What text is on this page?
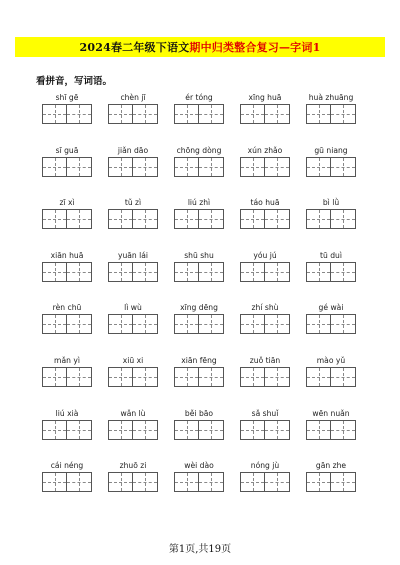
2024春二年级下语文 期中归类整合复习—字词1
看拼音，写词语。
shī gē	chèn jī	ér tóng	xīng huā	huà zhuāng
sī guā	jiǎn dāo	chōng dòng	xún zhǎo	gū niang
zī xì	tǔ zì	liú zhì	táo huā	bì lǜ
xiān huā	yuān lái	shū shu	yóu jú	tū duì
rèn chū	lì wù	xīng dēng	zhí shù	gé wài
mǎn yì	xiū xi	xiān fēng	zuǒ tiān	mào yǔ
liú xià	wǎn lù	běi bāo	sǎ shuǐ	wēn nuǎn
cái néng	zhuō zi	wèi dào	nóng jù	gān zhe
第1页,共19页
